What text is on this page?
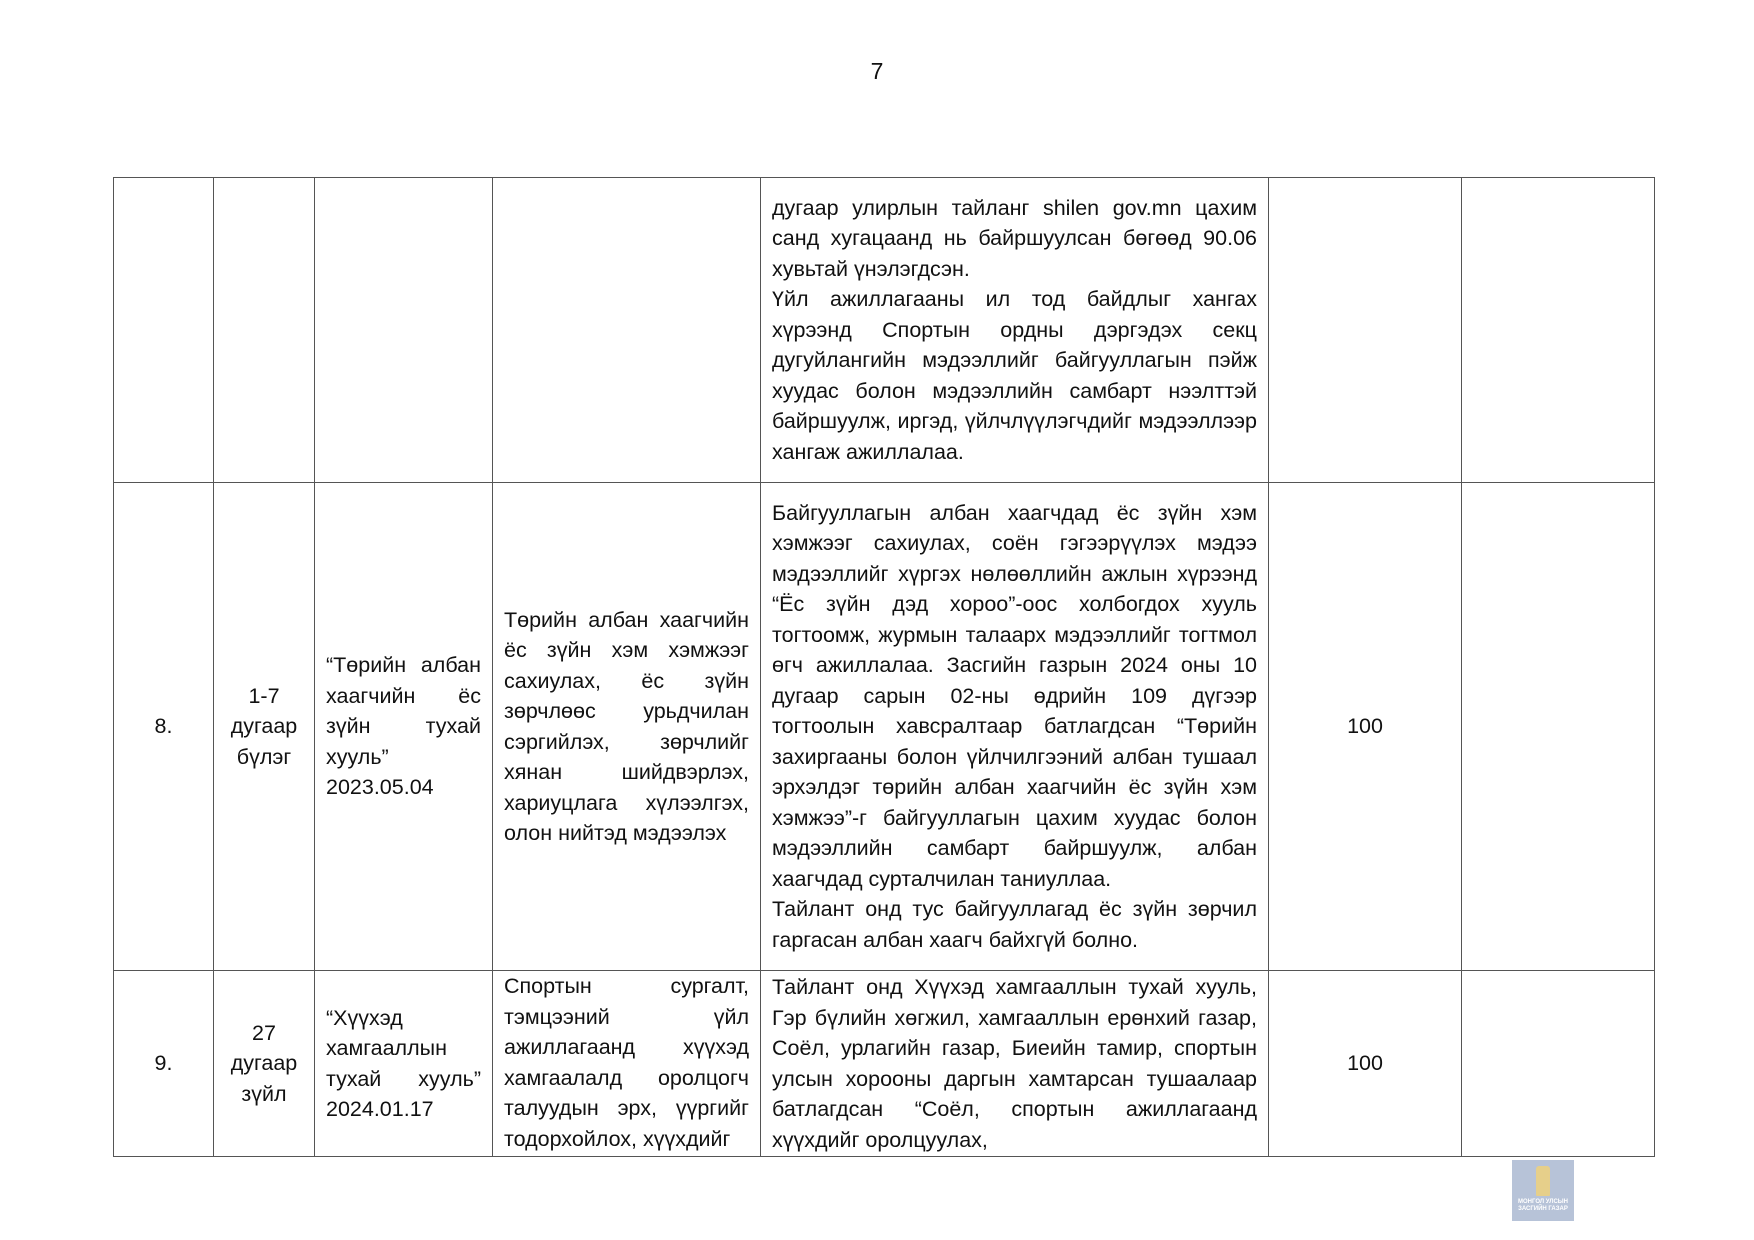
7

				дугаар улирлын тайланг shilen gov.mn цахим санд хугацаанд нь байршуулсан бөгөөд 90.06 хувьтай үнэлэгдсэн.
Үйл ажиллагааны ил тод байдлыг хангах хүрээнд Спортын ордны дэргэдэх секц дугуйлангийн мэдээллийг байгууллагын пэйж хуудас болон мэдээллийн самбарт нээлттэй байршуулж, иргэд, үйлчлүүлэгчдийг мэдээллээр хангаж ажиллалаа.		

8.	1-7 дугаар бүлэг	“Төрийн албан хаагчийн ёс зүйн тухай хууль” 2023.05.04	Төрийн албан хаагчийн ёс зүйн хэм хэмжээг сахиулах, ёс зүйн зөрчлөөс урьдчилан сэргийлэх, зөрчлийг хянан шийдвэрлэх, хариуцлага хүлээлгэх, олон нийтэд мэдээлэх	Байгууллагын албан хаагчдад ёс зүйн хэм хэмжээг сахиулах, соён гэгээрүүлэх мэдээ мэдээллийг хүргэх нөлөөллийн ажлын хүрээнд “Ёс зүйн дэд хороо”-оос холбогдох хууль тогтоомж, журмын талаарх мэдээллийг тогтмол өгч ажиллалаа. Засгийн газрын 2024 оны 10 дугаар сарын 02-ны өдрийн 109 дүгээр тогтоолын хавсралтаар батлагдсан “Төрийн захиргааны болон үйлчилгээний албан тушаал эрхэлдэг төрийн албан хаагчийн ёс зүйн хэм хэмжээ”-г байгууллагын цахим хуудас болон мэдээллийн самбарт байршуулж, албан хаагчдад сурталчилан таниуллаа.
Тайлант онд тус байгууллагад ёс зүйн зөрчил гаргасан албан хаагч байхгүй болно.	100	
9.	27 дугаар зүйл	“Хүүхэд хамгааллын тухай хууль” 2024.01.17	Спортын сургалт, тэмцээний үйл ажиллагаанд хүүхэд хамгаалалд оролцогч талуудын эрх, үүргийг тодорхойлох, хүүхдийг	Тайлант онд Хүүхэд хамгааллын тухай хууль, Гэр бүлийн хөгжил, хамгааллын ерөнхий газар, Соёл, урлагийн газар, Биеийн тамир, спортын улсын хорооны даргын хамтарсан тушаалаар батлагдсан “Соёл, спортын ажиллагаанд хүүхдийг оролцуулах,	100	
МОНГОЛ УЛСЫН
ЗАСГИЙН ГАЗАР
